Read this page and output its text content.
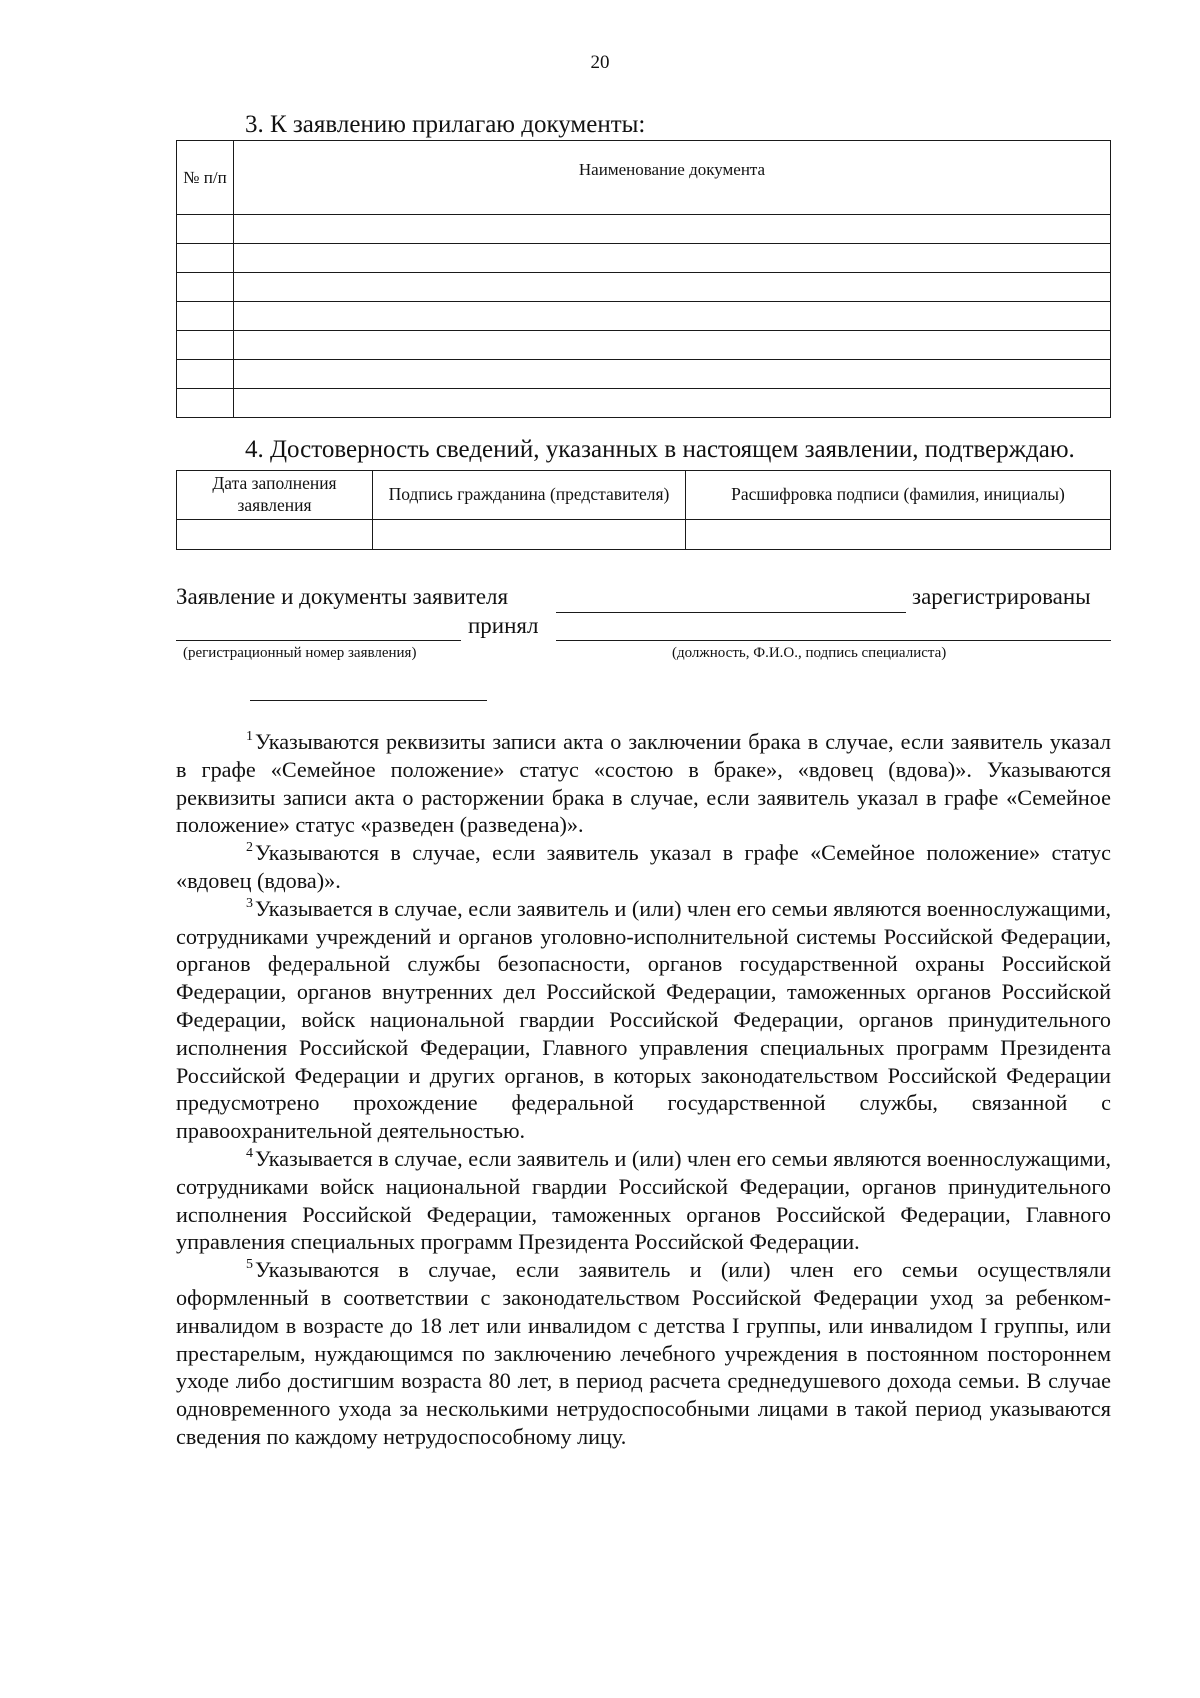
20
3. К заявлению прилагаю документы:
№ п/п	Наименование документа

4. Достоверность сведений, указанных в настоящем заявлении, подтверждаю.
Дата заполнения заявления	Подпись гражданина (представителя)	Расшифровка подписи (фамилия, инициалы)

Заявление и документы заявителя	зарегистрированы
принял
(регистрационный номер заявления)	(должность, Ф.И.О., подпись специалиста)

$^1$Указываются реквизиты записи акта о заключении брака в случае, если заявитель указал в графе «Семейное положение» статус «состою в браке», «вдовец (вдова)». Указываются реквизиты записи акта о расторжении брака в случае, если заявитель указал в графе «Семейное положение» статус «разведен (разведена)».

$^2$Указываются в случае, если заявитель указал в графе «Семейное положение» статус «вдовец (вдова)».

$^3$Указывается в случае, если заявитель и (или) член его семьи являются военнослужащими, сотрудниками учреждений и органов уголовно-исполнительной системы Российской Федерации, органов федеральной службы безопасности, органов государственной охраны Российской Федерации, органов внутренних дел Российской Федерации, таможенных органов Российской Федерации, войск национальной гвардии Российской Федерации, органов принудительного исполнения Российской Федерации, Главного управления специальных программ Президента Российской Федерации и других органов, в которых законодательством Российской Федерации предусмотрено прохождение федеральной государственной службы, связанной с правоохранительной деятельностью.

$^4$Указывается в случае, если заявитель и (или) член его семьи являются военнослужащими, сотрудниками войск национальной гвардии Российской Федерации, органов принудительного исполнения Российской Федерации, таможенных органов Российской Федерации, Главного управления специальных программ Президента Российской Федерации.

$^5$Указываются в случае, если заявитель и (или) член его семьи осуществляли оформленный в соответствии с законодательством Российской Федерации уход за ребенком-инвалидом в возрасте до 18 лет или инвалидом с детства I группы, или инвалидом I группы, или престарелым, нуждающимся по заключению лечебного учреждения в постоянном постороннем уходе либо достигшим возраста 80 лет, в период расчета среднедушевого дохода семьи. В случае одновременного ухода за несколькими нетрудоспособными лицами в такой период указываются сведения по каждому нетрудоспособному лицу.
